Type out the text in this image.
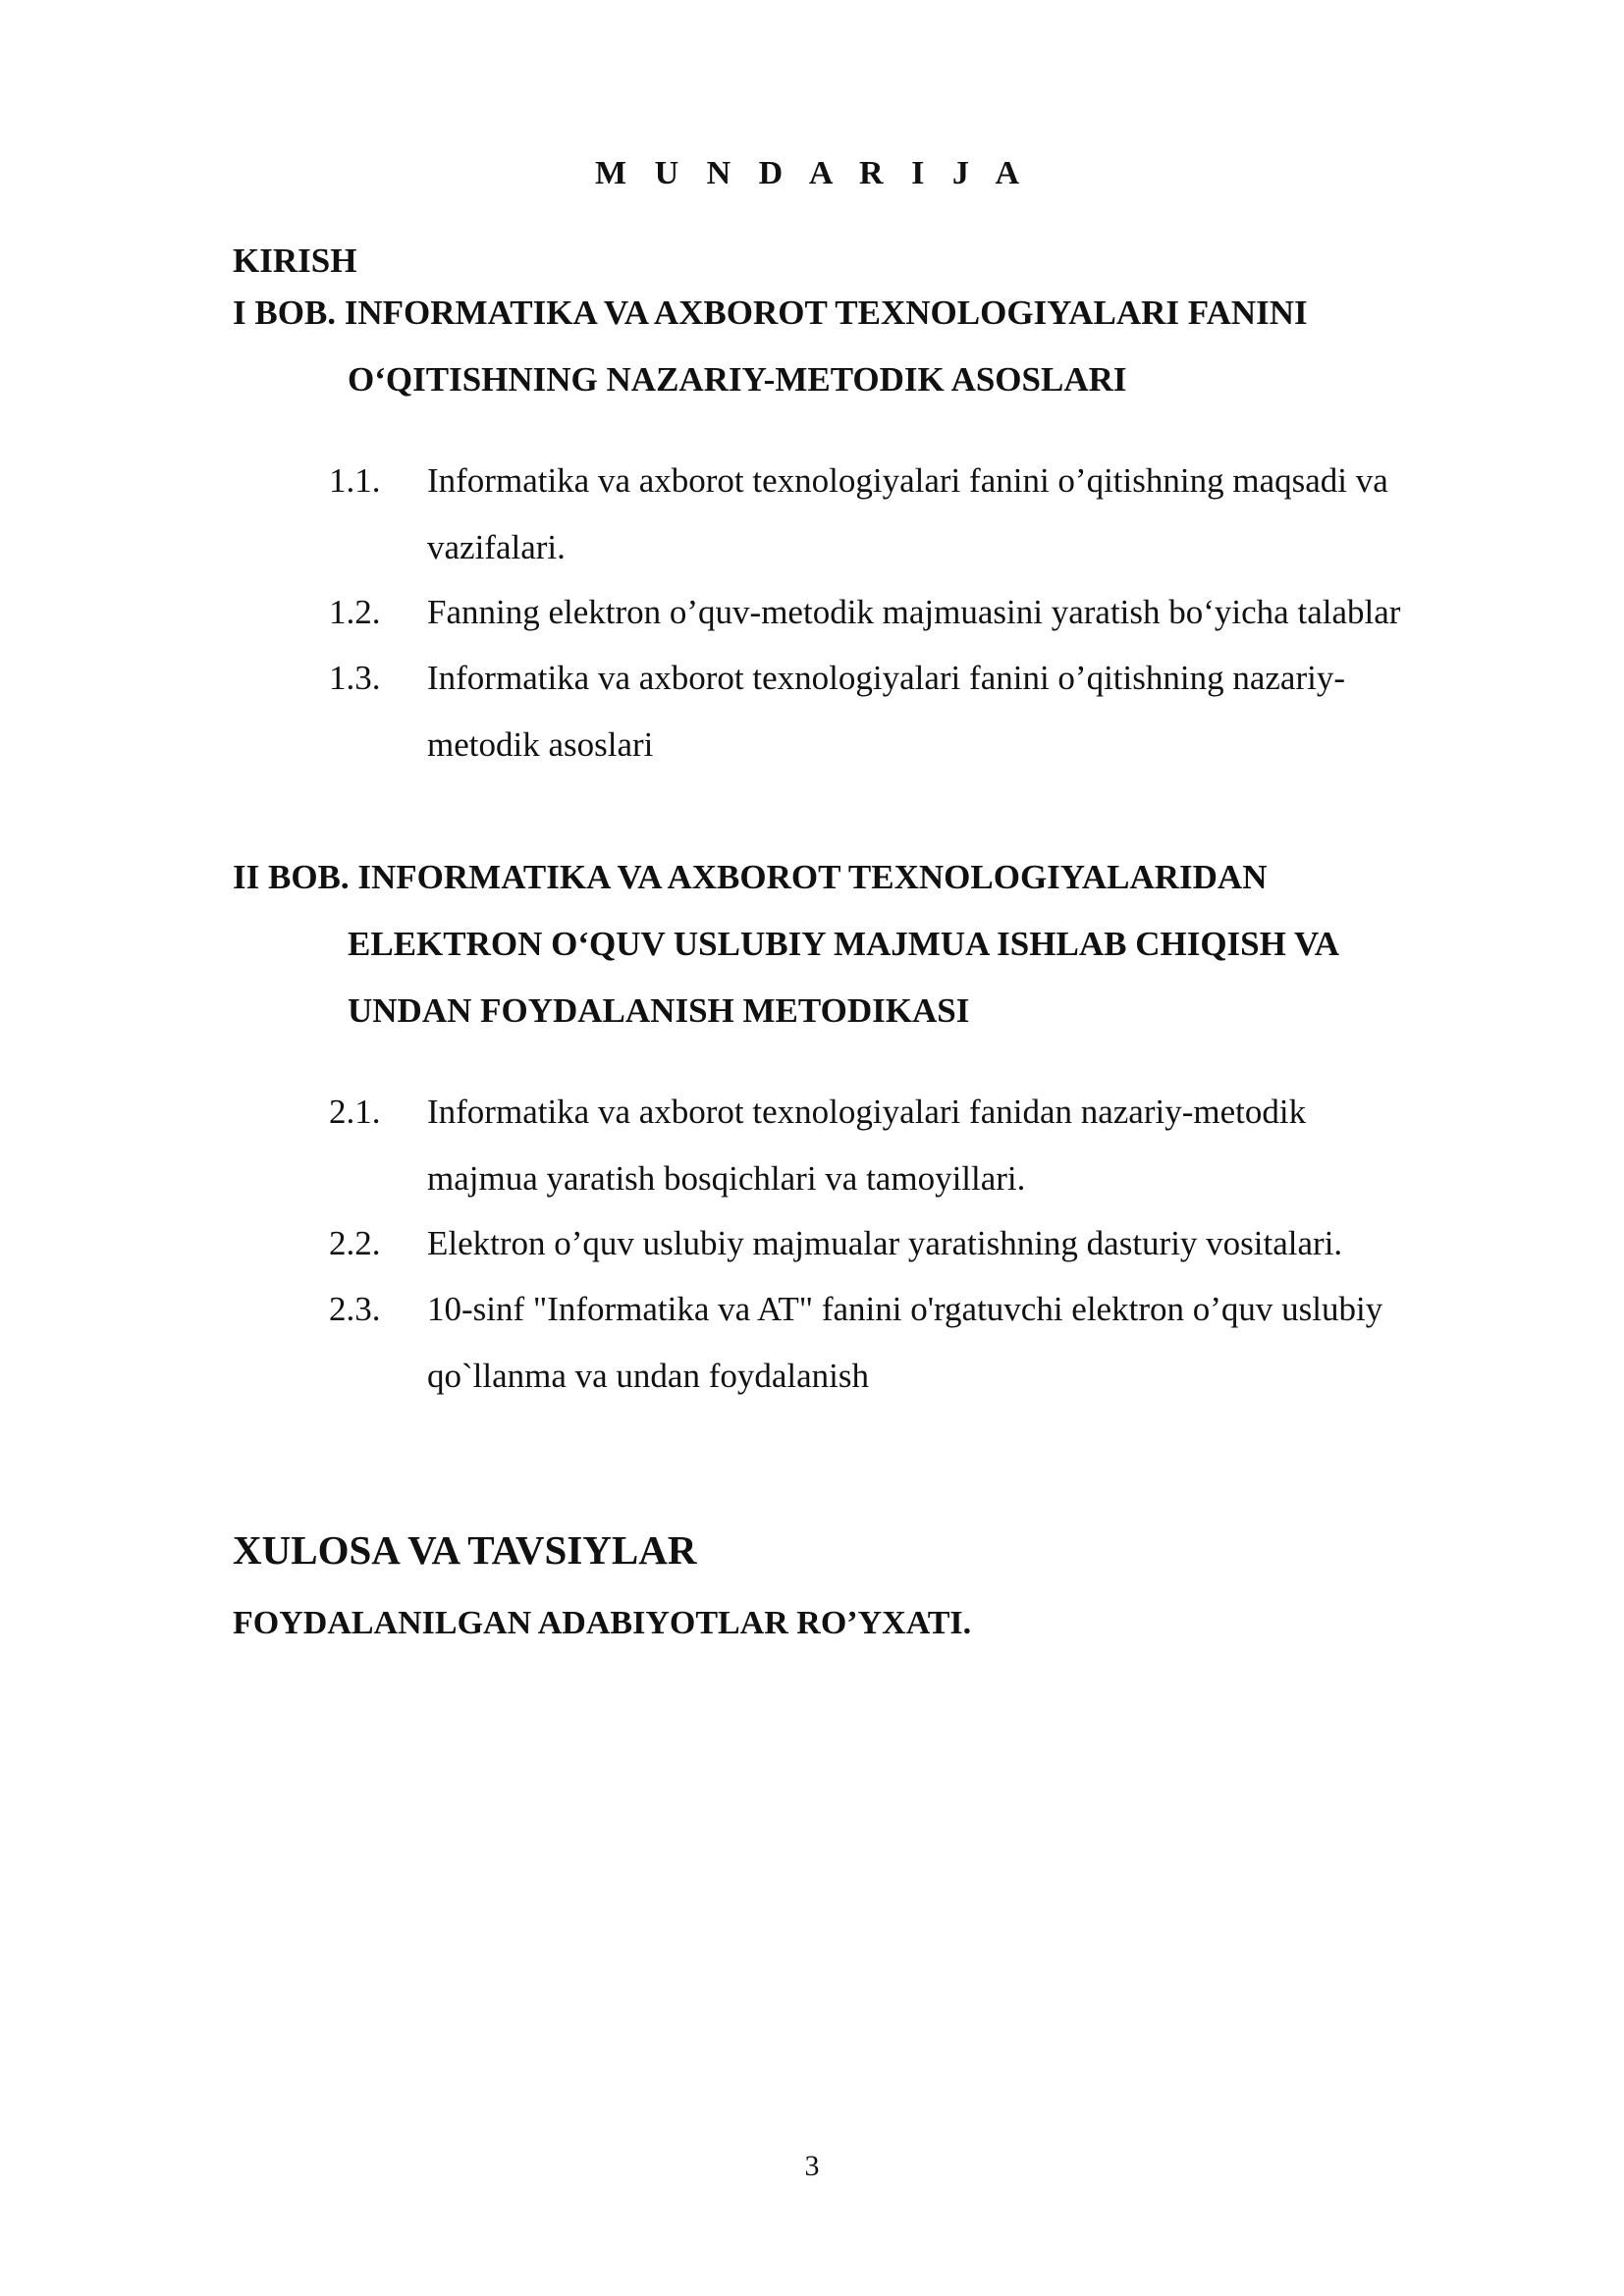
M U N D A R I J A
KIRISH
I BOB. INFORMATIKA VA AXBOROT TEXNOLOGIYALARI FANINI
O‘QITISHNING NAZARIY-METODIK ASOSLARI
1.1. Informatika va axborot texnologiyalari fanini o’qitishning maqsadi va
vazifalari.
1.2. Fanning elektron o’quv-metodik majmuasini yaratish bo‘yicha talablar
1.3. Informatika va axborot texnologiyalari fanini o’qitishning nazariy-
metodik asoslari
II BOB. INFORMATIKA VA AXBOROT TEXNOLOGIYALARIDAN
ELEKTRON O‘QUV USLUBIY MAJMUA ISHLAB CHIQISH VA
UNDAN FOYDALANISH METODIKASI
2.1. Informatika va axborot texnologiyalari fanidan nazariy-metodik
majmua yaratish bosqichlari va tamoyillari.
2.2. Elektron o’quv uslubiy majmualar yaratishning dasturiy vositalari.
2.3. 10-sinf "Informatika va AT" fanini o'rgatuvchi elektron o’quv uslubiy
qo`llanma va undan foydalanish
XULOSA VA TAVSIYLAR
FOYDALANILGAN ADABIYOTLAR RO’YXATI.
3
